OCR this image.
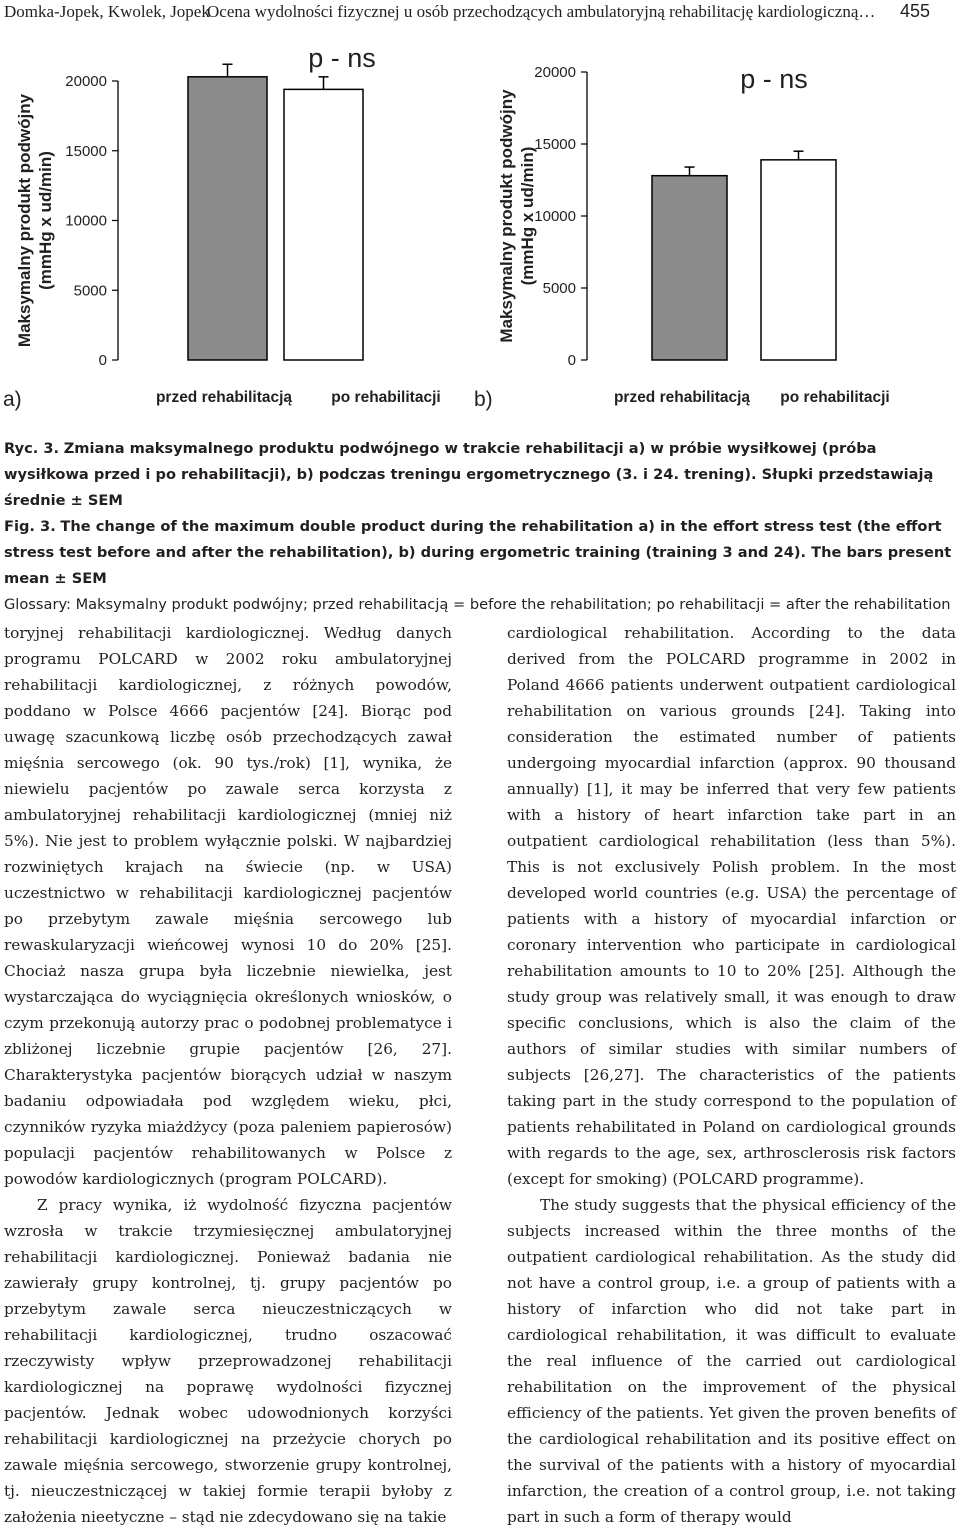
Domka-Jopek, Kwolek, Jopek
Ocena wydolności fizycznej u osób przechodzących ambulatoryjną rehabilitację kardiologiczną… 455
Maksymalny produkt podwójny (mmHg x ud/min)
0
5000
10000
15000
20000
przed rehabilitacją	po rehabilitacji
p - ns
a)
Maksymalny produkt podwójny (mmHg x ud/min)
0
5000
10000
15000
20000
przed rehabilitacją po rehabilitacji
p - ns
b)

Ryc. 3. Zmiana maksymalnego produktu podwójnego w trakcie rehabilitacji a) w próbie wysiłkowej (próba wysiłkowa przed i po rehabilitacji), b) podczas treningu ergometrycznego (3. i 24. trening). Słupki przedstawiają średnie ± SEM

Fig. 3. The change of the maximum double product during the rehabilitation a) in the effort stress test (the effort stress test before and after the rehabilitation), b) during ergometric training (training 3 and 24). The bars present mean ± SEM

Glossary: Maksymalny produkt podwójny; przed rehabilitacją = before the rehabilitation; po rehabilitacji = after the rehabilitation

toryjnej rehabilitacji kardiologicznej. Według danych programu POLCARD w 2002 roku ambulatoryjnej rehabilitacji kardiologicznej, z różnych powodów, poddano w Polsce 4666 pacjentów [24]. Biorąc pod uwagę szacunkową liczbę osób przechodzących zawał mięśnia sercowego (ok. 90 tys./rok) [1], wynika, że niewielu pacjentów po zawale serca korzysta z ambulatoryjnej rehabilitacji kardiologicznej (mniej niż 5%). Nie jest to problem wyłącznie polski. W najbardziej rozwiniętych krajach na świecie (np. w USA) uczestnictwo w rehabilitacji kardiologicznej pacjentów po przebytym zawale mięśnia sercowego lub rewaskularyzacji wieńcowej wynosi 10 do 20% [25]. Chociaż nasza grupa była liczebnie niewielka, jest wystarczająca do wyciągnięcia określonych wniosków, o czym przekonują autorzy prac o podobnej problematyce i zbliżonej liczebnie grupie pacjentów [26, 27]. Charakterystyka pacjentów biorących udział w naszym badaniu odpowiadała pod względem wieku, płci, czynników ryzyka miażdżycy (poza paleniem papierosów) populacji pacjentów rehabilitowanych w Polsce z powodów kardiologicznych (program POLCARD).

Z pracy wynika, iż wydolność fizyczna pacjentów wzrosła w trakcie trzymiesięcznej ambulatoryjnej rehabilitacji kardiologicznej. Ponieważ badania nie zawierały grupy kontrolnej, tj. grupy pacjentów po przebytym zawale serca nieuczestniczących w rehabilitacji kardiologicznej, trudno oszacować rzeczywisty wpływ przeprowadzonej rehabilitacji kardiologicznej na poprawę wydolności fizycznej pacjentów. Jednak wobec udowodnionych korzyści rehabilitacji kardiologicznej na przeżycie chorych po zawale mięśnia sercowego, stworzenie grupy kontrolnej, tj. nieuczestniczącej w takiej formie terapii byłoby z założenia nieetyczne – stąd nie zdecydowano się na takie

cardiological rehabilitation. According to the data derived from the POLCARD programme in 2002 in Poland 4666 patients underwent outpatient cardiological rehabilitation on various grounds [24]. Taking into consideration the estimated number of patients undergoing myocardial infarction (approx. 90 thousand annually) [1], it may be inferred that very few patients with a history of heart infarction take part in an outpatient cardiological rehabilitation (less than 5%). This is not exclusively Polish problem. In the most developed world countries (e.g. USA) the percentage of patients with a history of myocardial infarction or coronary intervention who participate in cardiological rehabilitation amounts to 10 to 20% [25]. Although the study group was relatively small, it was enough to draw specific conclusions, which is also the claim of the authors of similar studies with similar numbers of subjects [26,27]. The characteristics of the patients taking part in the study correspond to the population of patients rehabilitated in Poland on cardiological grounds with regards to the age, sex, arthrosclerosis risk factors (except for smoking) (POLCARD programme).

The study suggests that the physical efficiency of the subjects increased within the three months of the outpatient cardiological rehabilitation. As the study did not have a control group, i.e. a group of patients with a history of infarction who did not take part in cardiological rehabilitation, it was difficult to evaluate the real influence of the carried out cardiological rehabilitation on the improvement of the physical efficiency of the patients. Yet given the proven benefits of the cardiological rehabilitation and its positive effect on the survival of the patients with a history of myocardial infarction, the creation of a control group, i.e. not taking part in such a form of therapy would
